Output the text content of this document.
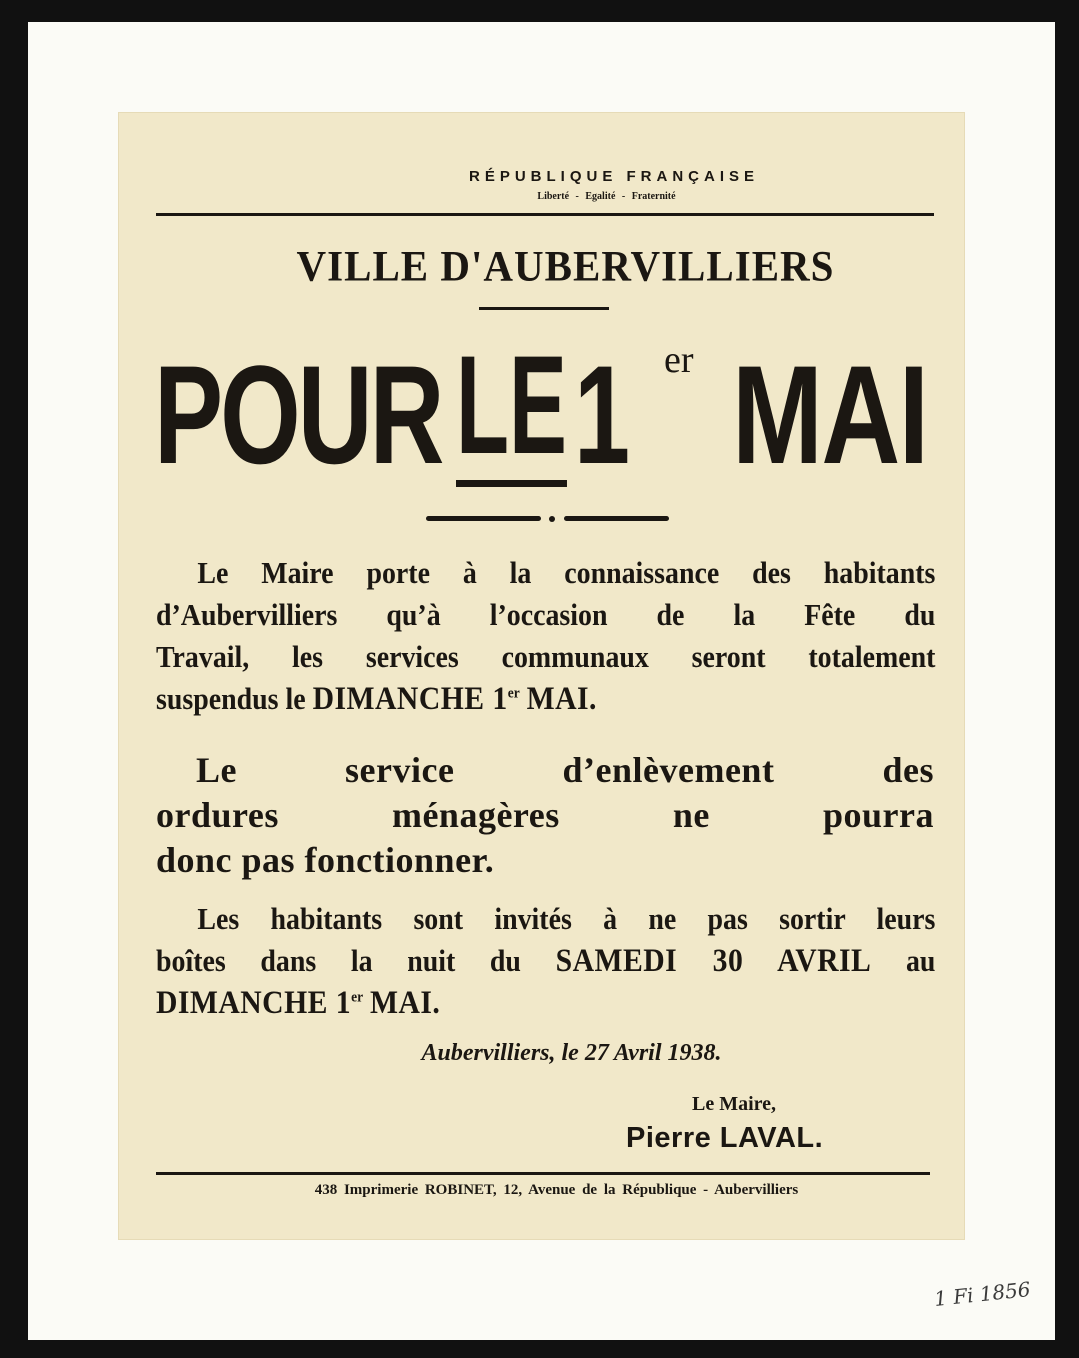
RÉPUBLIQUE FRANÇAISE
Liberté - Egalité - Fraternité
VILLE D'AUBERVILLIERS
POUR LE 1 er MAI
Le Maire porte à la connaissance des habitants
d’Aubervilliers qu’à l’occasion de la Fête du
Travail, les services communaux seront totalement
suspendus le DIMANCHE 1er MAI.
Le service d’enlèvement des
ordures ménagères ne pourra
donc pas fonctionner.
Les habitants sont invités à ne pas sortir leurs
boîtes dans la nuit du SAMEDI 30 AVRIL au
DIMANCHE 1er MAI.
Aubervilliers, le 27 Avril 1938.
Le Maire,
Pierre LAVAL.
438 Imprimerie ROBINET, 12, Avenue de la République - Aubervilliers
1 Fi 1856
